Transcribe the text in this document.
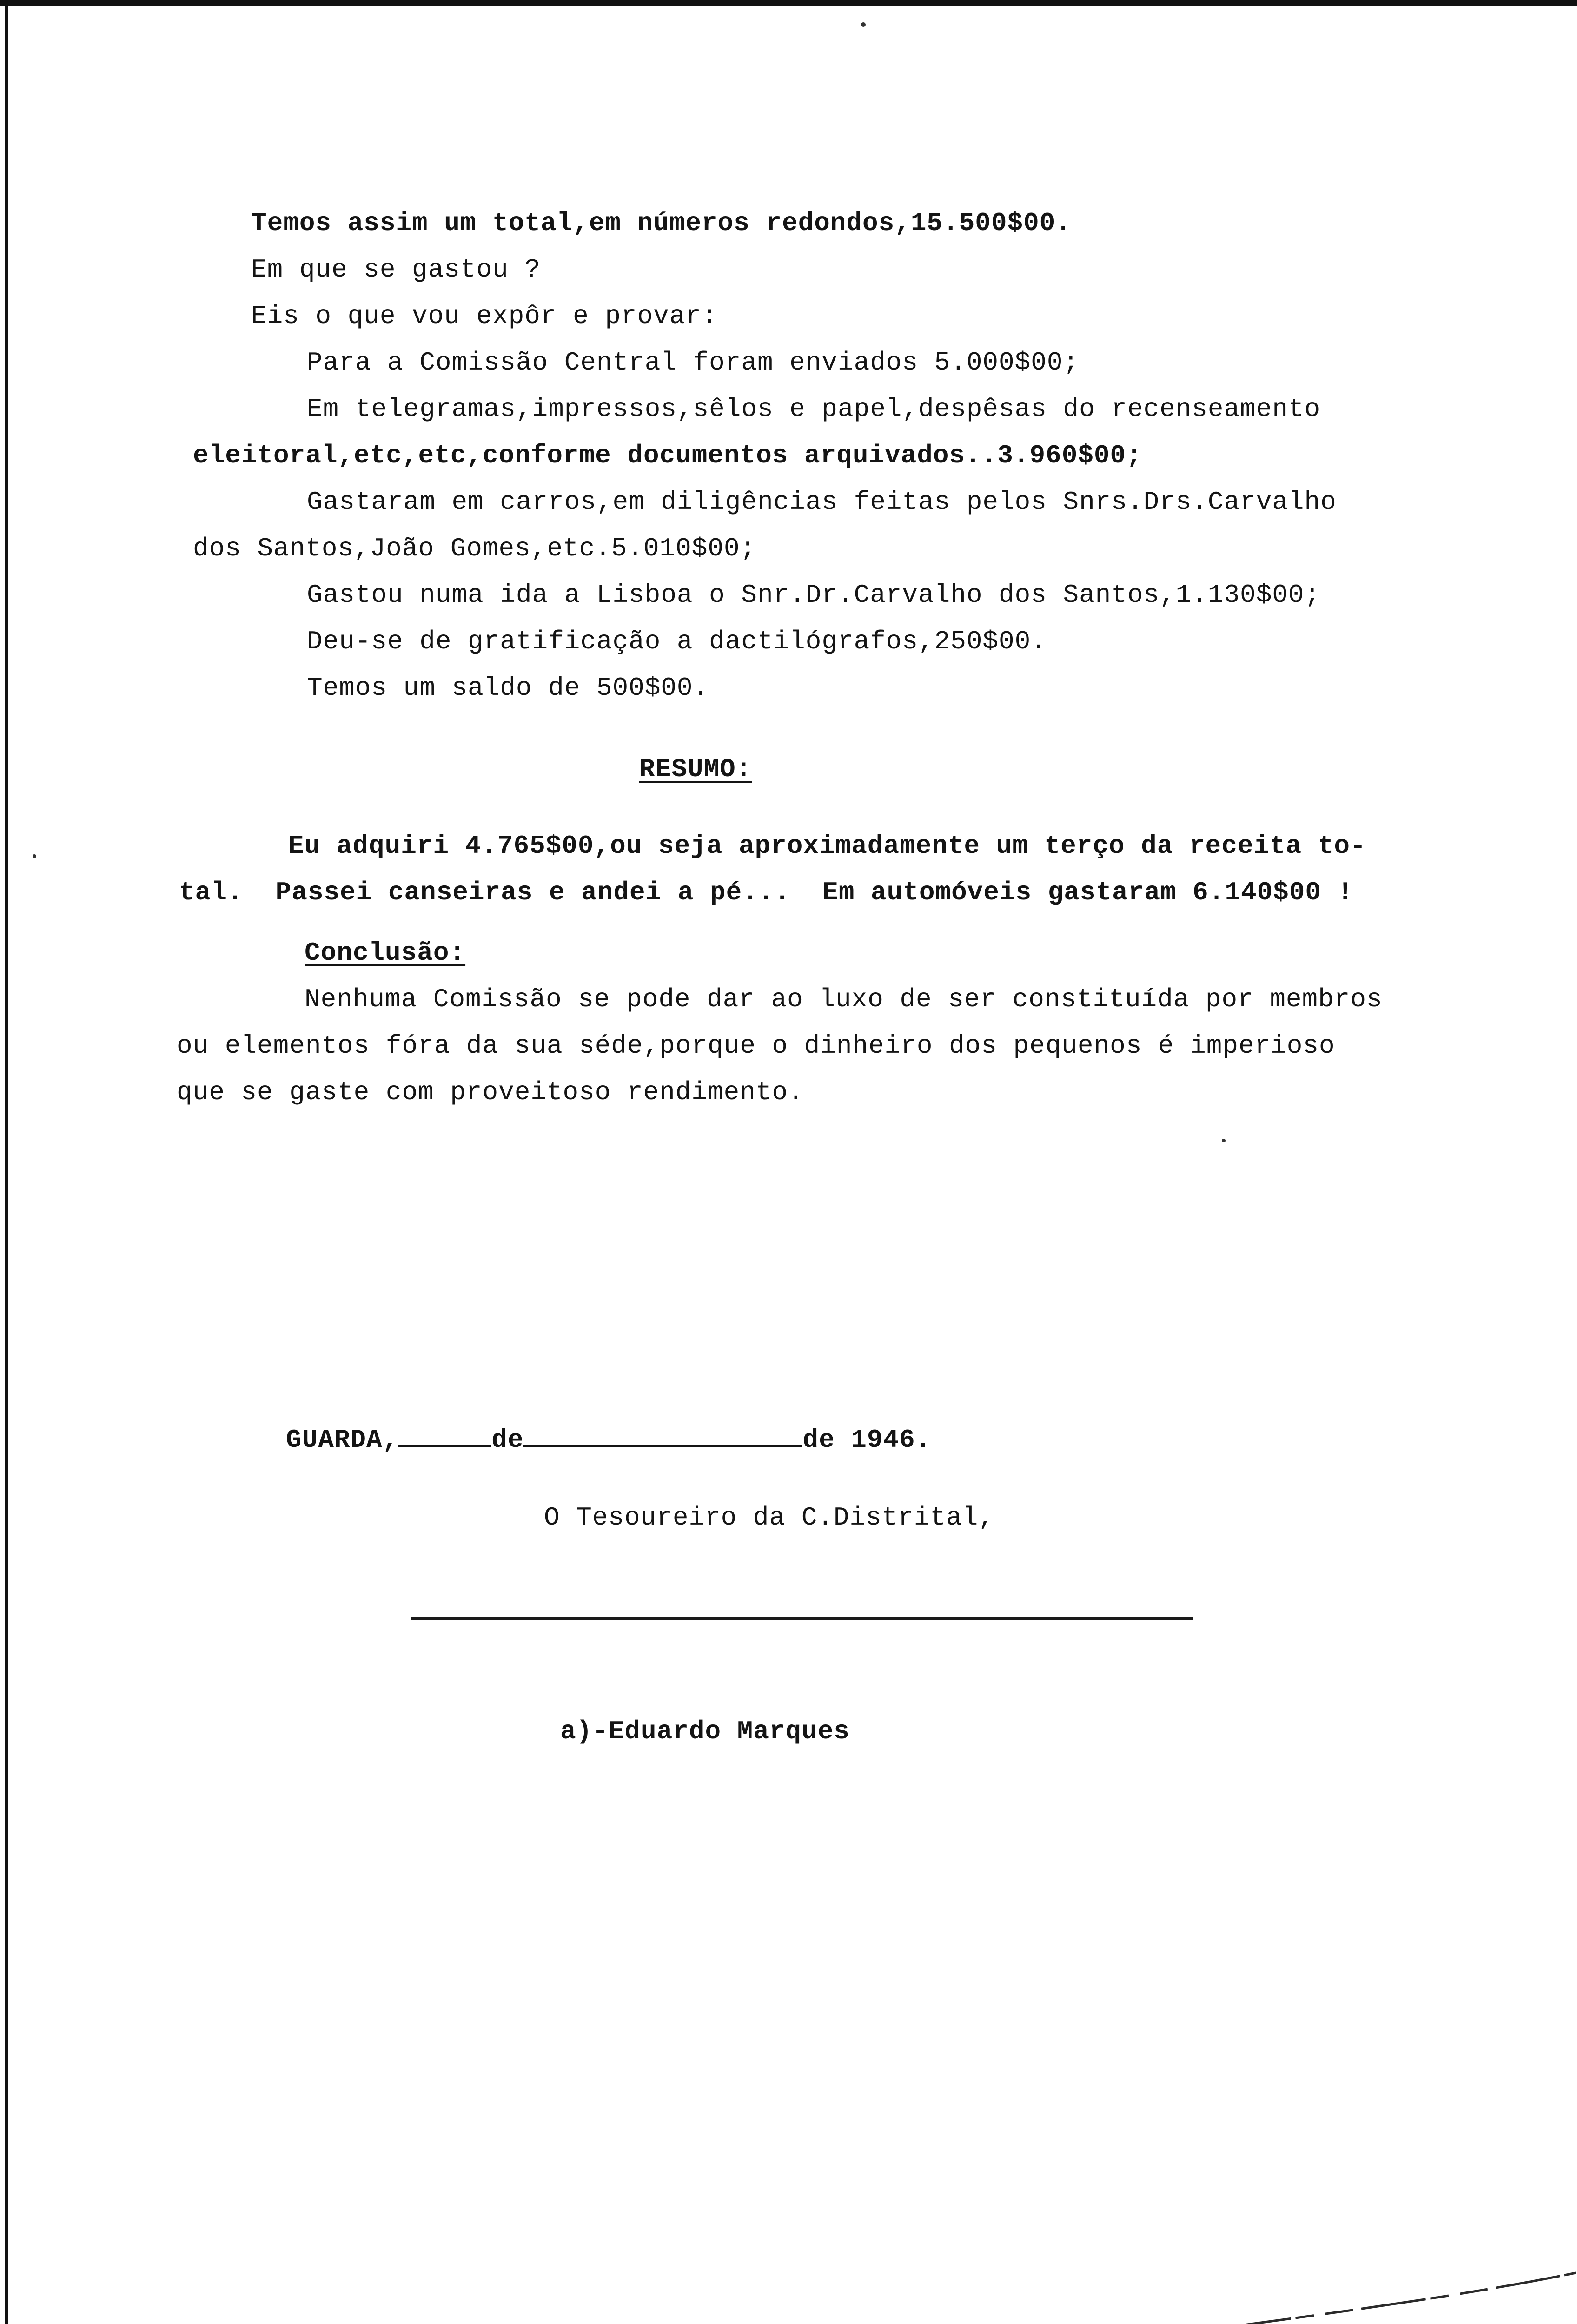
Temos assim um total,em números redondos,15.500$00.
Em que se gastou ?
Eis o que vou expôr e provar:
Para a Comissão Central foram enviados 5.000$00;
Em telegramas,impressos,sêlos e papel,despêsas do recenseamento
eleitoral,etc,etc,conforme documentos arquivados..3.960$00;
Gastaram em carros,em diligências feitas pelos Snrs.Drs.Carvalho
dos Santos,João Gomes,etc.5.010$00;
Gastou numa ida a Lisboa o Snr.Dr.Carvalho dos Santos,1.130$00;
Deu-se de gratificação a dactilógrafos,250$00.
Temos um saldo de 500$00.
RESUMO:
Eu adquiri 4.765$00,ou seja aproximadamente um terço da receita to-
tal.  Passei canseiras e andei a pé...  Em automóveis gastaram 6.140$00 !
Conclusão:
Nenhuma Comissão se pode dar ao luxo de ser constituída por membros
ou elementos fóra da sua séde,porque o dinheiro dos pequenos é imperioso
que se gaste com proveitoso rendimento.
GUARDA,	de	de 1946.
O Tesoureiro da C.Distrital,
a)-Eduardo Marques
